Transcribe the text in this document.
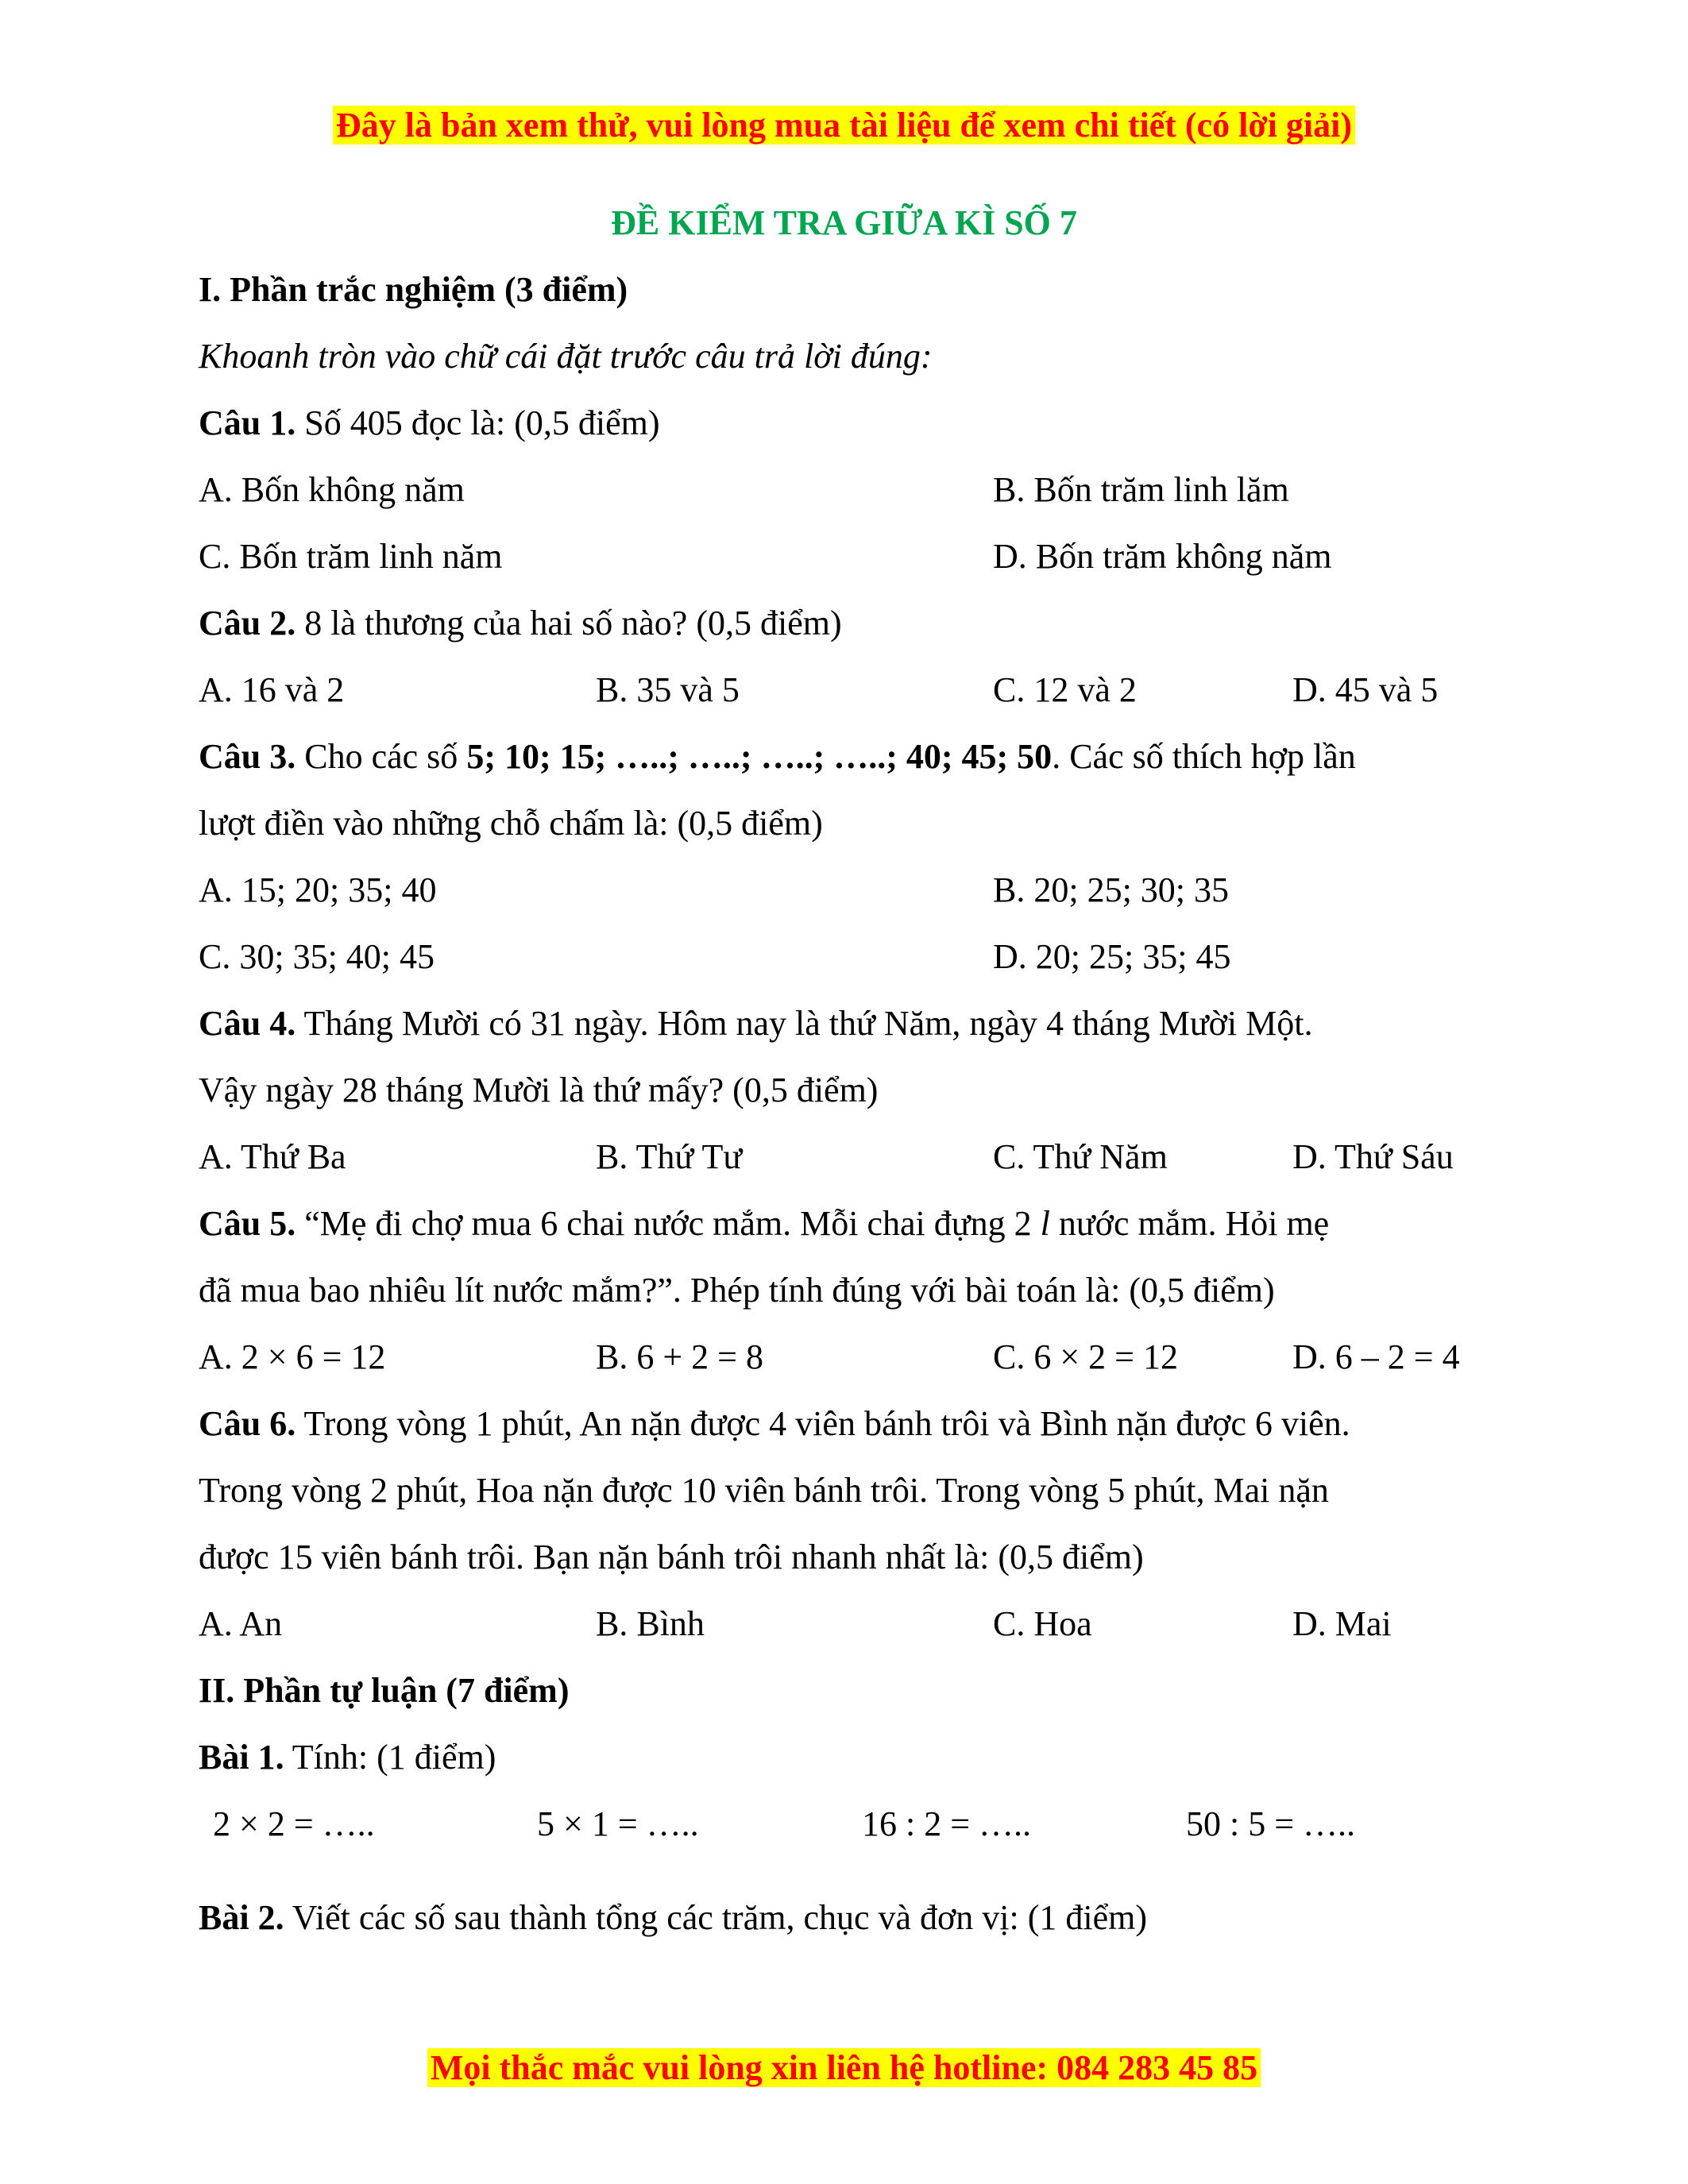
Đây là bản xem thử, vui lòng mua tài liệu để xem chi tiết (có lời giải)
ĐỀ KIỂM TRA GIỮA KÌ SỐ 7
I. Phần trắc nghiệm (3 điểm)
Khoanh tròn vào chữ cái đặt trước câu trả lời đúng:
Câu 1. Số 405 đọc là: (0,5 điểm)
A. Bốn không năm	B. Bốn trăm linh lăm
C. Bốn trăm linh năm	D. Bốn trăm không năm
Câu 2. 8 là thương của hai số nào? (0,5 điểm)
A. 16 và 2	B. 35 và 5	C. 12 và 2	D. 45 và 5
Câu 3. Cho các số 5; 10; 15; …..; …..; …..; …..; 40; 45; 50. Các số thích hợp lần
lượt điền vào những chỗ chấm là: (0,5 điểm)
A. 15; 20; 35; 40	B. 20; 25; 30; 35
C. 30; 35; 40; 45	D. 20; 25; 35; 45
Câu 4. Tháng Mười có 31 ngày. Hôm nay là thứ Năm, ngày 4 tháng Mười Một.
Vậy ngày 28 tháng Mười là thứ mấy? (0,5 điểm)
A. Thứ Ba	B. Thứ Tư	C. Thứ Năm	D. Thứ Sáu
Câu 5. “Mẹ đi chợ mua 6 chai nước mắm. Mỗi chai đựng 2 l nước mắm. Hỏi mẹ
đã mua bao nhiêu lít nước mắm?”. Phép tính đúng với bài toán là: (0,5 điểm)
A. 2 × 6 = 12	B. 6 + 2 = 8	C. 6 × 2 = 12	D. 6 – 2 = 4
Câu 6. Trong vòng 1 phút, An nặn được 4 viên bánh trôi và Bình nặn được 6 viên.
Trong vòng 2 phút, Hoa nặn được 10 viên bánh trôi. Trong vòng 5 phút, Mai nặn
được 15 viên bánh trôi. Bạn nặn bánh trôi nhanh nhất là: (0,5 điểm)
A. An	B. Bình	C. Hoa	D. Mai
II. Phần tự luận (7 điểm)
Bài 1. Tính: (1 điểm)
2 × 2 = …..	5 × 1 = …..	16 : 2 = …..	50 : 5 = …..
Bài 2. Viết các số sau thành tổng các trăm, chục và đơn vị: (1 điểm)
Mọi thắc mắc vui lòng xin liên hệ hotline: 084 283 45 85
